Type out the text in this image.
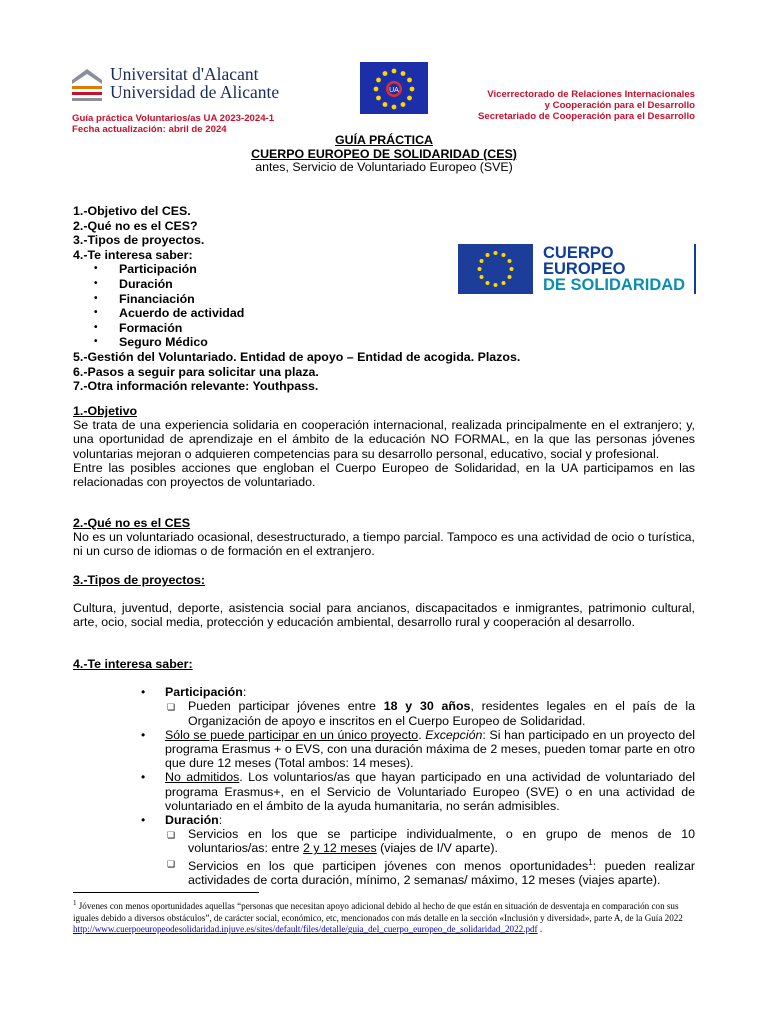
Universitat d'Alacant
Universidad de Alicante	UA
Guía práctica Voluntarios/as UA 2023-2024-1
Fecha actualización: abril de 2024
Vicerrectorado de Relaciones Internacionales
y Cooperación para el Desarrollo
Secretariado de Cooperación para el Desarrollo
GUÍA PRÁCTICA
CUERPO EUROPEO DE SOLIDARIDAD (CES)
antes, Servicio de Voluntariado Europeo (SVE)
1.-Objetivo del CES.
2.-Qué no es el CES?
3.-Tipos de proyectos.
4.-Te interesa saber:
• Participación
• Duración
• Financiación
• Acuerdo de actividad
• Formación
• Seguro Médico
5.-Gestión del Voluntariado. Entidad de apoyo – Entidad de acogida. Plazos.
6.-Pasos a seguir para solicitar una plaza.
7.-Otra información relevante: Youthpass.
CUERPO
EUROPEO
DE SOLIDARIDAD
1.-Objetivo

Se trata de una experiencia solidaria en cooperación internacional, realizada principalmente en el extranjero; y, una oportunidad de aprendizaje en el ámbito de la educación NO FORMAL, en la que las personas jóvenes voluntarias mejoran o adquieren competencias para su desarrollo personal, educativo, social y profesional.

Entre las posibles acciones que engloban el Cuerpo Europeo de Solidaridad, en la UA participamos en las relacionadas con proyectos de voluntariado.

2.-Qué no es el CES

No es un voluntariado ocasional, desestructurado, a tiempo parcial. Tampoco es una actividad de ocio o turística, ni un curso de idiomas o de formación en el extranjero.

3.-Tipos de proyectos:

Cultura, juventud, deporte, asistencia social para ancianos, discapacitados e inmigrantes, patrimonio cultural, arte, ocio, social media, protección y educación ambiental, desarrollo rural y cooperación al desarrollo.

4.-Te interesa saber:
• Participación:
❏ Pueden participar jóvenes entre 18 y 30 años, residentes legales en el país de la Organización de apoyo e inscritos en el Cuerpo Europeo de Solidaridad.
• Sólo se puede participar en un único proyecto. Excepción: Si han participado en un proyecto del programa Erasmus + o EVS, con una duración máxima de 2 meses, pueden tomar parte en otro que dure 12 meses (Total ambos: 14 meses).
• No admitidos. Los voluntarios/as que hayan participado en una actividad de voluntariado del programa Erasmus+, en el Servicio de Voluntariado Europeo (SVE) o en una actividad de voluntariado en el ámbito de la ayuda humanitaria, no serán admisibles.
• Duración:
❏ Servicios en los que se participe individualmente, o en grupo de menos de 10 voluntarios/as: entre 2 y 12 meses (viajes de I/V aparte).
❏ Servicios en los que participen jóvenes con menos oportunidades$^1$: pueden realizar actividades de corta duración, mínimo, 2 semanas/ máximo, 12 meses (viajes aparte).
$^1$ Jóvenes con menos oportunidades aquellas “personas que necesitan apoyo adicional debido al hecho de que están en situación de desventaja en comparación con sus iguales debido a diversos obstáculos”, de carácter social, económico, etc, mencionados con más detalle en la sección «Inclusión y diversidad», parte A, de la Guía 2022
http://www.cuerpoeuropeodesolidaridad.injuve.es/sites/default/files/detalle/guia_del_cuerpo_europeo_de_solidaridad_2022.pdf .
